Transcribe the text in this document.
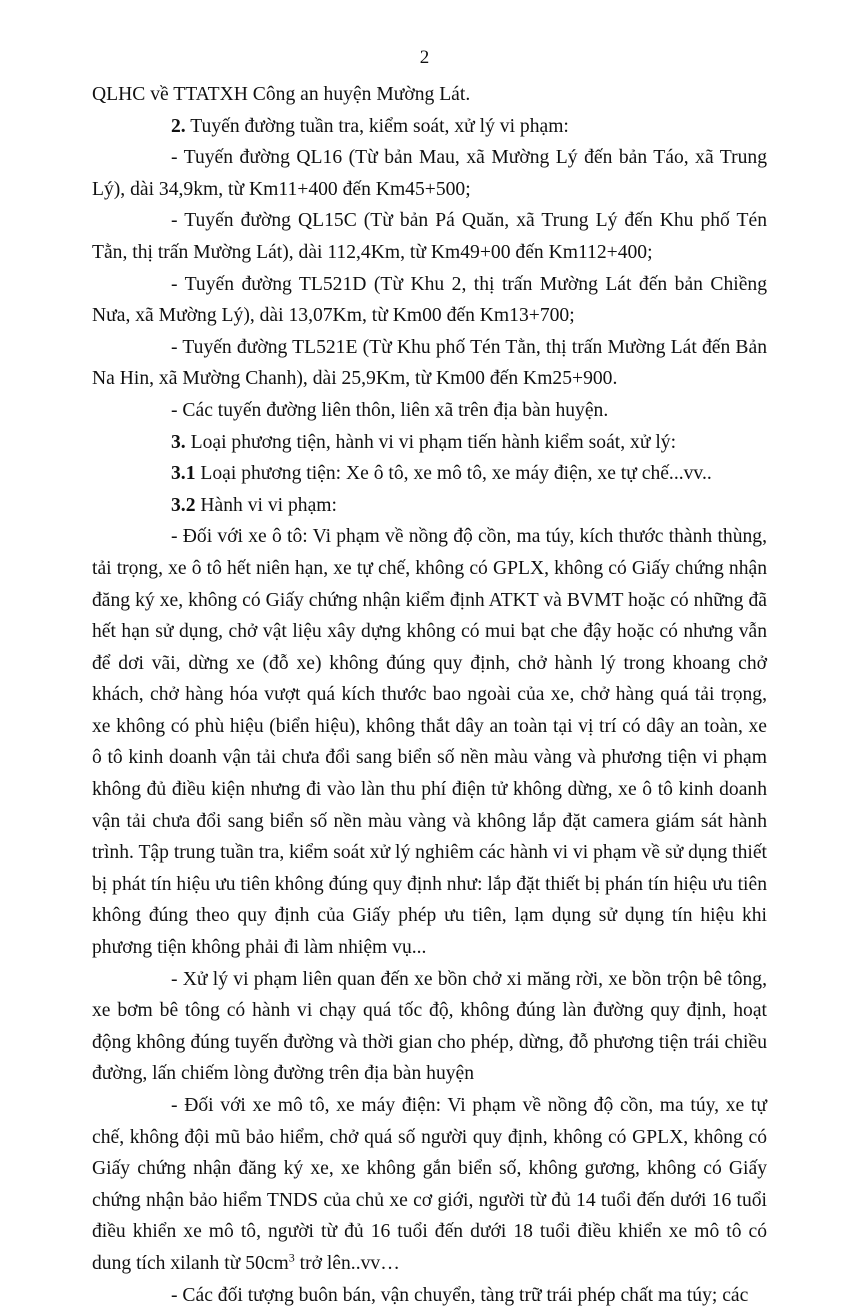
2

QLHC về TTATXH Công an huyện Mường Lát.

2. Tuyến đường tuần tra, kiểm soát, xử lý vi phạm:

- Tuyến đường QL16 (Từ bản Mau, xã Mường Lý đến bản Táo, xã Trung Lý), dài 34,9km, từ Km11+400 đến Km45+500;

- Tuyến đường QL15C (Từ bản Pá Quăn, xã Trung Lý đến Khu phố Tén Tằn, thị trấn Mường Lát), dài 112,4Km, từ Km49+00 đến Km112+400;

- Tuyến đường TL521D (Từ Khu 2, thị trấn Mường Lát đến bản Chiềng Nưa, xã Mường Lý), dài 13,07Km, từ Km00 đến Km13+700;

- Tuyến đường TL521E (Từ Khu phố Tén Tằn, thị trấn Mường Lát đến Bản Na Hin, xã Mường Chanh), dài 25,9Km, từ Km00 đến Km25+900.

- Các tuyến đường liên thôn, liên xã trên địa bàn huyện.

3. Loại phương tiện, hành vi vi phạm tiến hành kiểm soát, xử lý:

3.1 Loại phương tiện: Xe ô tô, xe mô tô, xe máy điện, xe tự chế...vv..

3.2 Hành vi vi phạm:

- Đối với xe ô tô: Vi phạm về nồng độ cồn, ma túy, kích thước thành thùng, tải trọng, xe ô tô hết niên hạn, xe tự chế, không có GPLX, không có Giấy chứng nhận đăng ký xe, không có Giấy chứng nhận kiểm định ATKT và BVMT hoặc có những đã hết hạn sử dụng, chở vật liệu xây dựng không có mui bạt che đậy hoặc có nhưng vẫn để dơi vãi, dừng xe (đỗ xe) không đúng quy định, chở hành lý trong khoang chở khách, chở hàng hóa vượt quá kích thước bao ngoài của xe, chở hàng quá tải trọng, xe không có phù hiệu (biển hiệu), không thắt dây an toàn tại vị trí có dây an toàn, xe ô tô kinh doanh vận tải chưa đổi sang biển số nền màu vàng và phương tiện vi phạm không đủ điều kiện nhưng đi vào làn thu phí điện tử không dừng, xe ô tô kinh doanh vận tải chưa đổi sang biển số nền màu vàng và không lắp đặt camera giám sát hành trình. Tập trung tuần tra, kiểm soát xử lý nghiêm các hành vi vi phạm về sử dụng thiết bị phát tín hiệu ưu tiên không đúng quy định như: lắp đặt thiết bị phán tín hiệu ưu tiên không đúng theo quy định của Giấy phép ưu tiên, lạm dụng sử dụng tín hiệu khi phương tiện không phải đi làm nhiệm vụ...

- Xử lý vi phạm liên quan đến xe bồn chở xi măng rời, xe bồn trộn bê tông, xe bơm bê tông có hành vi chạy quá tốc độ, không đúng làn đường quy định, hoạt động không đúng tuyến đường và thời gian cho phép, dừng, đỗ phương tiện trái chiều đường, lấn chiếm lòng đường trên địa bàn huyện

- Đối với xe mô tô, xe máy điện: Vi phạm về nồng độ cồn, ma túy, xe tự chế, không đội mũ bảo hiểm, chở quá số người quy định, không có GPLX, không có Giấy chứng nhận đăng ký xe, xe không gắn biển số, không gương, không có Giấy chứng nhận bảo hiểm TNDS của chủ xe cơ giới, người từ đủ 14 tuổi đến dưới 16 tuổi điều khiển xe mô tô, người từ đủ 16 tuổi đến dưới 18 tuổi điều khiển xe mô tô có dung tích xilanh từ $50cm^3$ trở lên..vv…

- Các đối tượng buôn bán, vận chuyển, tàng trữ trái phép chất ma túy; các
